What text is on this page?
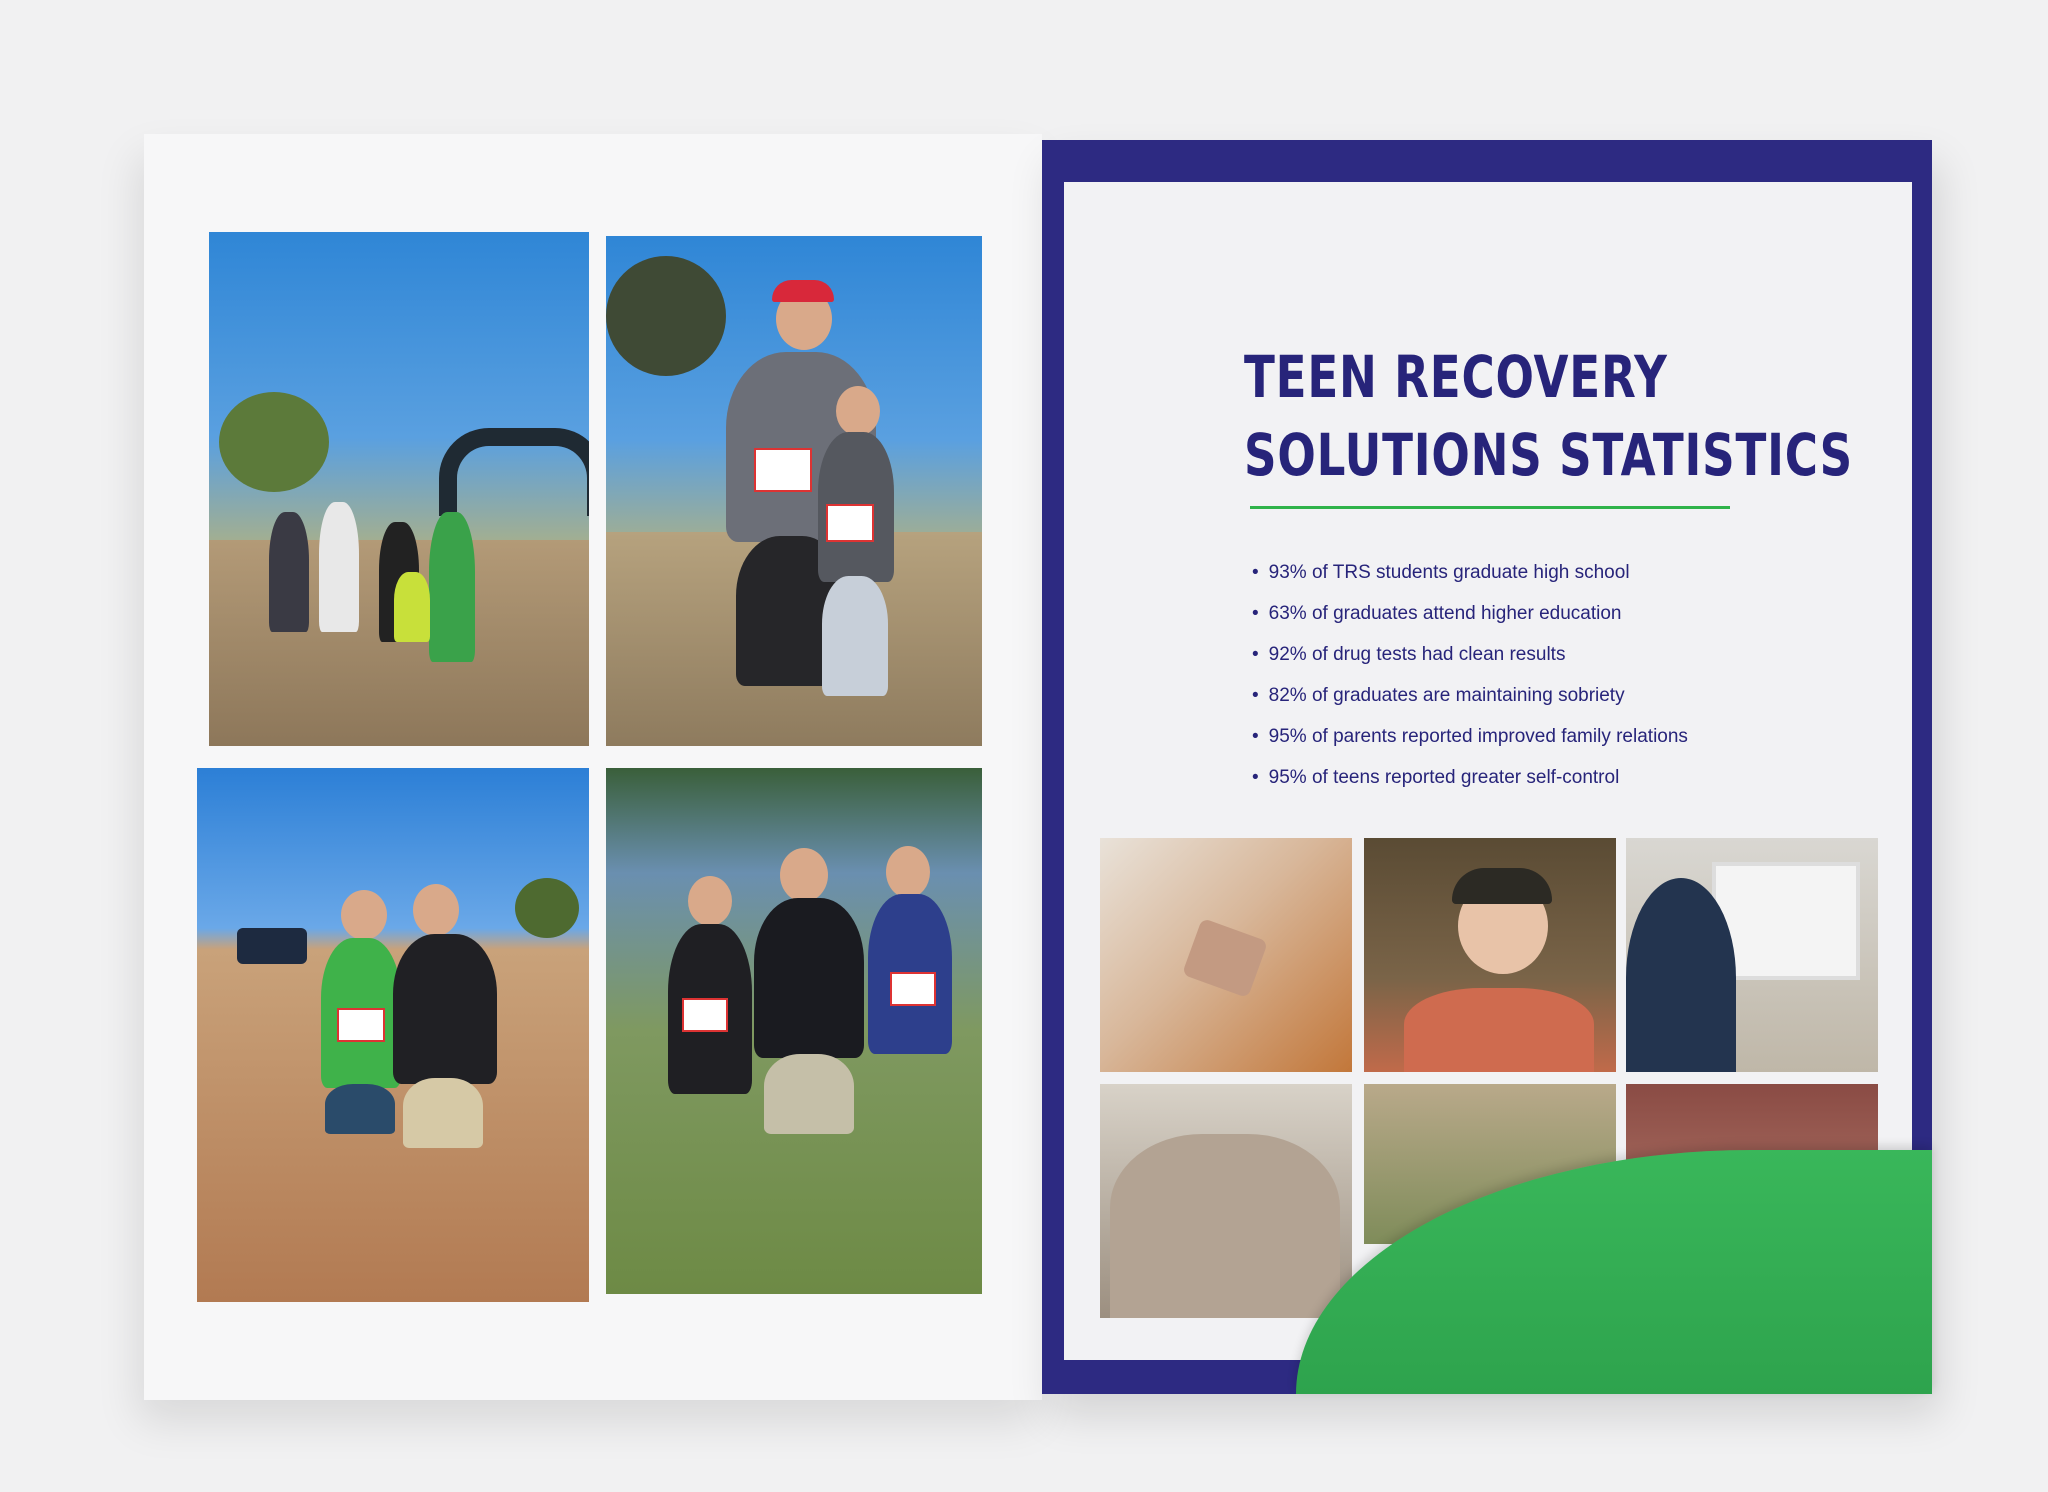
TEEN RECOVERY
SOLUTIONS STATISTICS
• 93% of TRS students graduate high school
• 63% of graduates attend higher education
• 92% of drug tests had clean results
• 82% of graduates are maintaining sobriety
• 95% of parents reported improved family relations
• 95% of teens reported greater self-control
